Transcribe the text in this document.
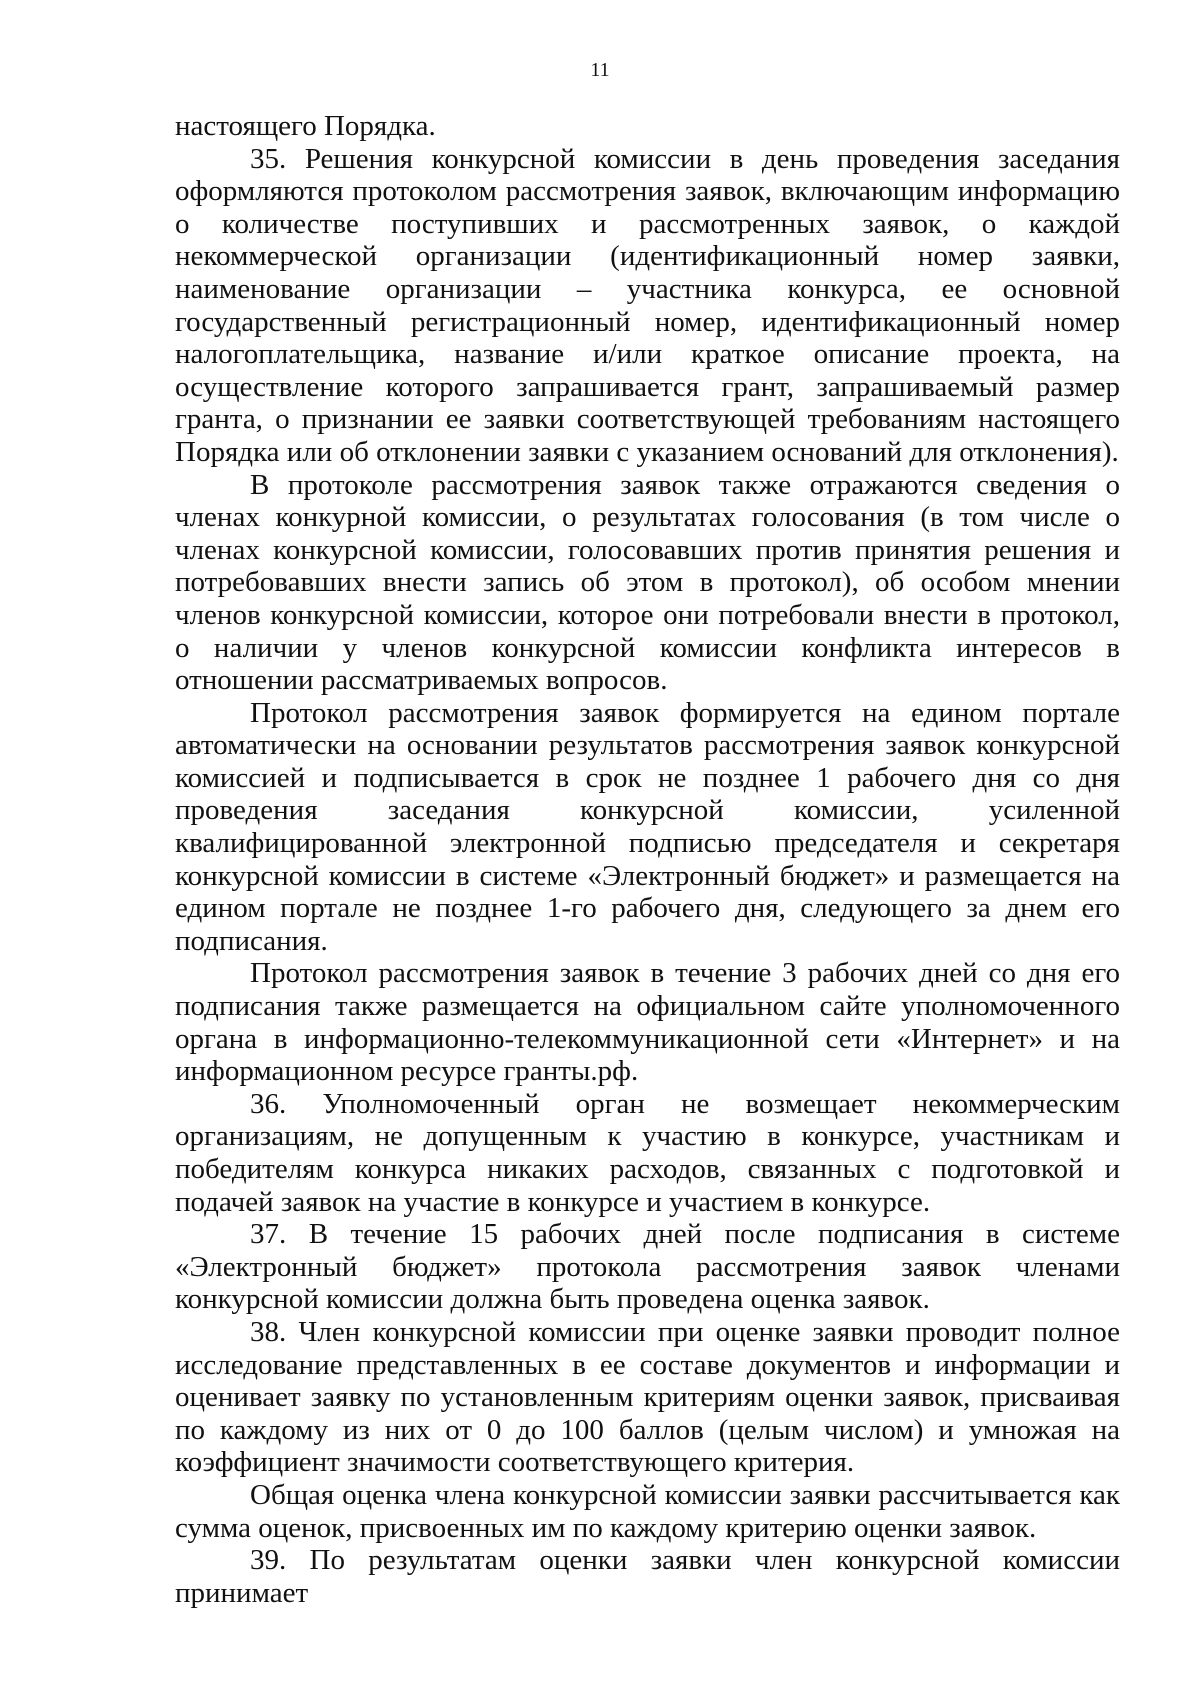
11

настоящего Порядка.

35. Решения конкурсной комиссии в день проведения заседания оформляются протоколом рассмотрения заявок, включающим информацию о количестве поступивших и рассмотренных заявок, о каждой некоммерческой организации (идентификационный номер заявки, наименование организации – участника конкурса, ее основной государственный регистрационный номер, идентификационный номер налогоплательщика, название и/или краткое описание проекта, на осуществление которого запрашивается грант, запрашиваемый размер гранта, о признании ее заявки соответствующей требованиям настоящего Порядка или об отклонении заявки с указанием оснований для отклонения).

В протоколе рассмотрения заявок также отражаются сведения о членах конкурной комиссии, о результатах голосования (в том числе о членах конкурсной комиссии, голосовавших против принятия решения и потребовавших внести запись об этом в протокол), об особом мнении членов конкурсной комиссии, которое они потребовали внести в протокол, о наличии у членов конкурсной комиссии конфликта интересов в отношении рассматриваемых вопросов.

Протокол рассмотрения заявок формируется на едином портале автоматически на основании результатов рассмотрения заявок конкурсной комиссией и подписывается в срок не позднее 1 рабочего дня со дня проведения заседания конкурсной комиссии, усиленной квалифицированной электронной подписью председателя и секретаря конкурсной комиссии в системе «Электронный бюджет» и размещается на едином портале не позднее 1-го рабочего дня, следующего за днем его подписания.

Протокол рассмотрения заявок в течение 3 рабочих дней со дня его подписания также размещается на официальном сайте уполномоченного органа в информационно-телекоммуникационной сети «Интернет» и на информационном ресурсе гранты.рф.

36. Уполномоченный орган не возмещает некоммерческим организациям, не допущенным к участию в конкурсе, участникам и победителям конкурса никаких расходов, связанных с подготовкой и подачей заявок на участие в конкурсе и участием в конкурсе.

37. В течение 15 рабочих дней после подписания в системе «Электронный бюджет» протокола рассмотрения заявок членами конкурсной комиссии должна быть проведена оценка заявок.

38. Член конкурсной комиссии при оценке заявки проводит полное исследование представленных в ее составе документов и информации и оценивает заявку по установленным критериям оценки заявок, присваивая по каждому из них от 0 до 100 баллов (целым числом) и умножая на коэффициент значимости соответствующего критерия.

Общая оценка члена конкурсной комиссии заявки рассчитывается как сумма оценок, присвоенных им по каждому критерию оценки заявок.

39. По результатам оценки заявки член конкурсной комиссии принимает
